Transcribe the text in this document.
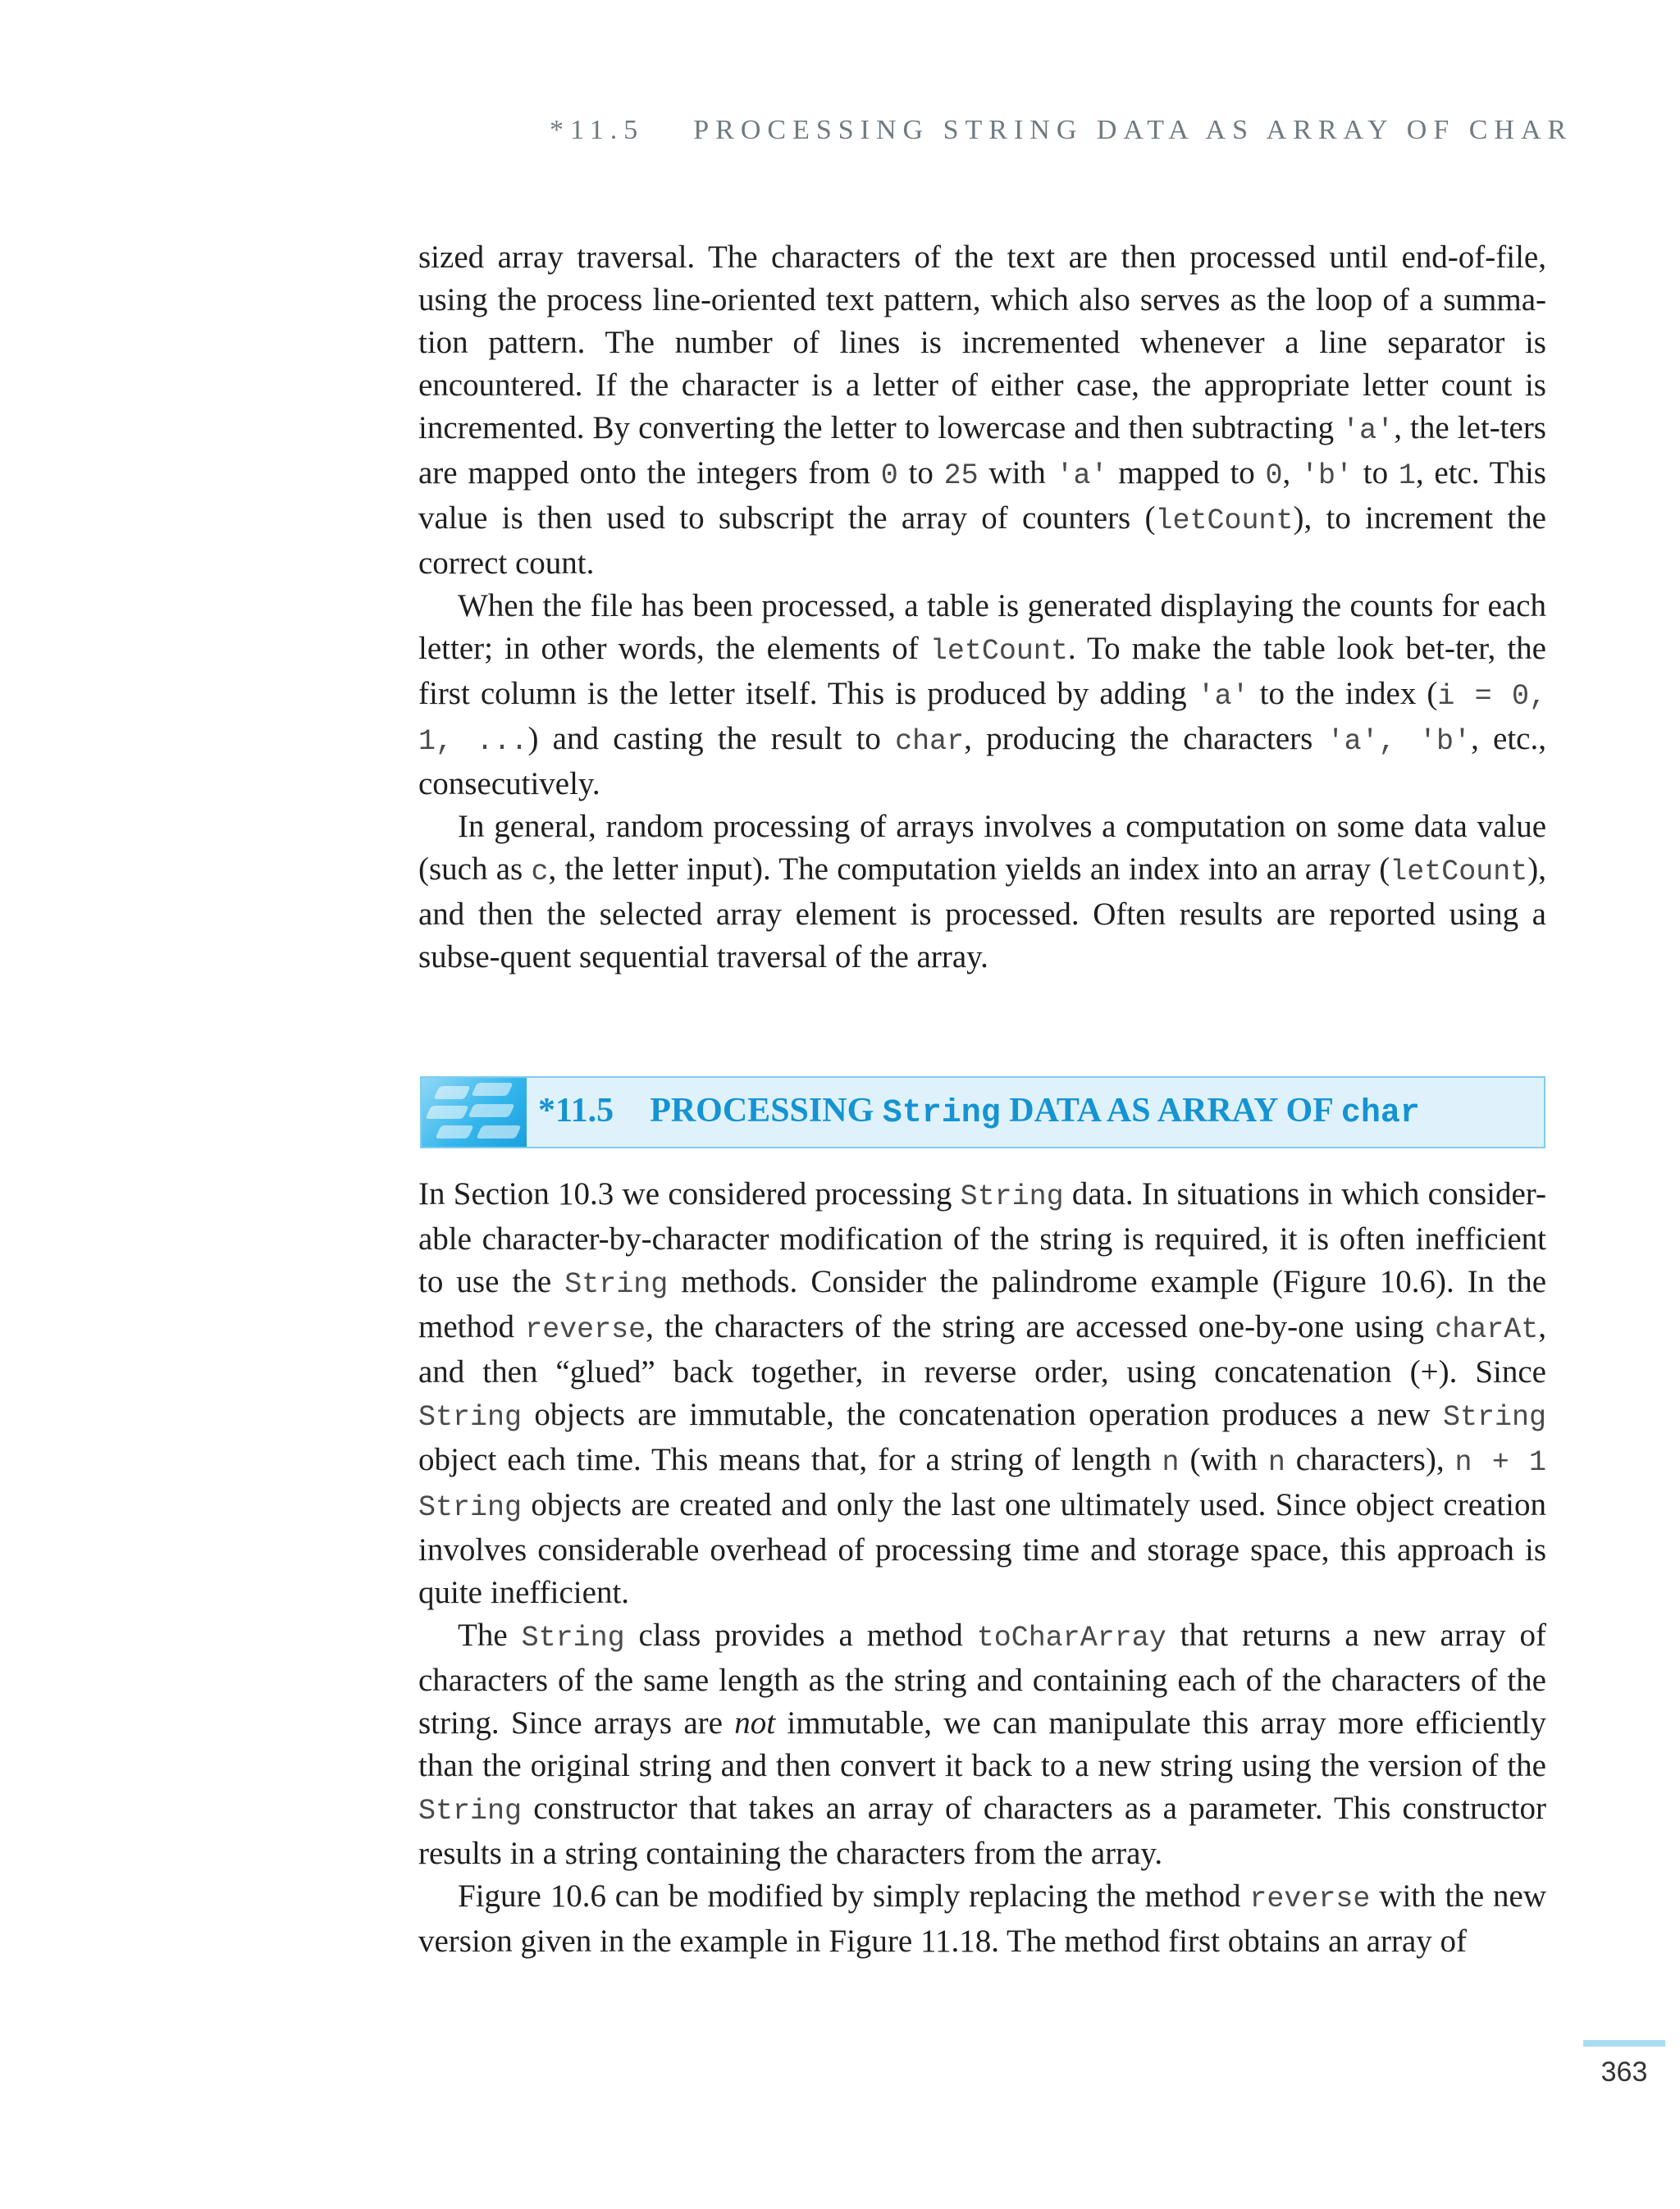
*11.5 PROCESSING STRING DATA AS ARRAY OF CHAR

sized array traversal. The characters of the text are then processed until end-of-file, using the process line-oriented text pattern, which also serves as the loop of a summa-tion pattern. The number of lines is incremented whenever a line separator is encountered. If the character is a letter of either case, the appropriate letter count is incremented. By converting the letter to lowercase and then subtracting 'a', the let-ters are mapped onto the integers from 0 to 25 with 'a' mapped to 0, 'b' to 1, etc. This value is then used to subscript the array of counters (letCount), to increment the correct count.

When the file has been processed, a table is generated displaying the counts for each letter; in other words, the elements of letCount. To make the table look bet-ter, the first column is the letter itself. This is produced by adding 'a' to the index (i = 0, 1, ...) and casting the result to char, producing the characters 'a', 'b', etc., consecutively.

In general, random processing of arrays involves a computation on some data value (such as c, the letter input). The computation yields an index into an array (letCount), and then the selected array element is processed. Often results are reported using a subse-quent sequential traversal of the array.

*11.5 PROCESSING String DATA AS ARRAY OF char

In Section 10.3 we considered processing String data. In situations in which consider-able character-by-character modification of the string is required, it is often inefficient to use the String methods. Consider the palindrome example (Figure 10.6). In the method reverse, the characters of the string are accessed one-by-one using charAt, and then “glued” back together, in reverse order, using concatenation (+). Since String objects are immutable, the concatenation operation produces a new String object each time. This means that, for a string of length n (with n characters), n + 1 String objects are created and only the last one ultimately used. Since object creation involves considerable overhead of processing time and storage space, this approach is quite inefficient.

The String class provides a method toCharArray that returns a new array of characters of the same length as the string and containing each of the characters of the string. Since arrays are not immutable, we can manipulate this array more efficiently than the original string and then convert it back to a new string using the version of the String constructor that takes an array of characters as a parameter. This constructor results in a string containing the characters from the array.

Figure 10.6 can be modified by simply replacing the method reverse with the new version given in the example in Figure 11.18. The method first obtains an array of

363
